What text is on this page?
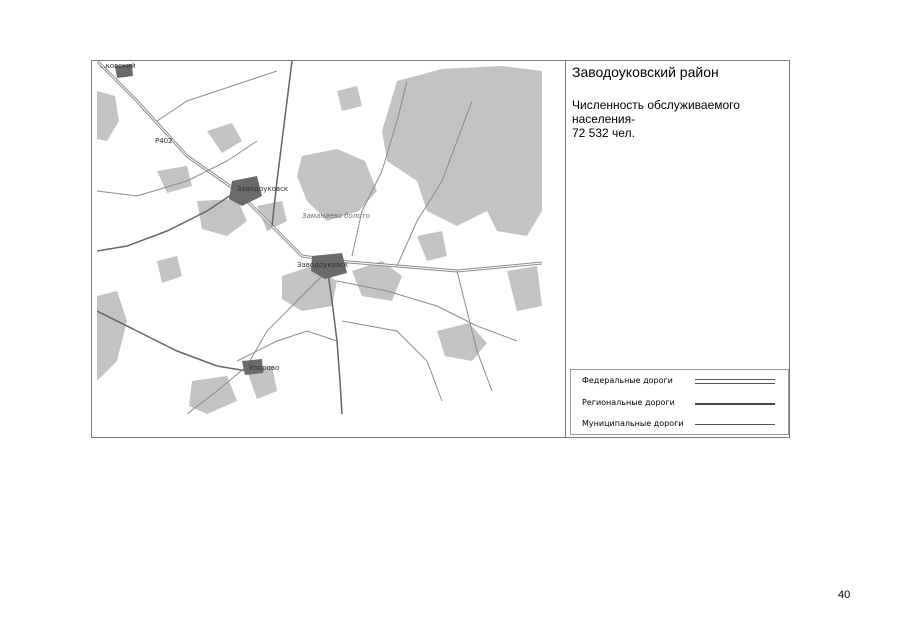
...ковский
Р402
Заводоуковск
Заманаево болото
Заводоуковск
Упорово
Заводоуковский район
Численность обслуживаемого населения-
72 532 чел.
Федеральные дороги
Региональные дороги
Муниципальные дороги
40
